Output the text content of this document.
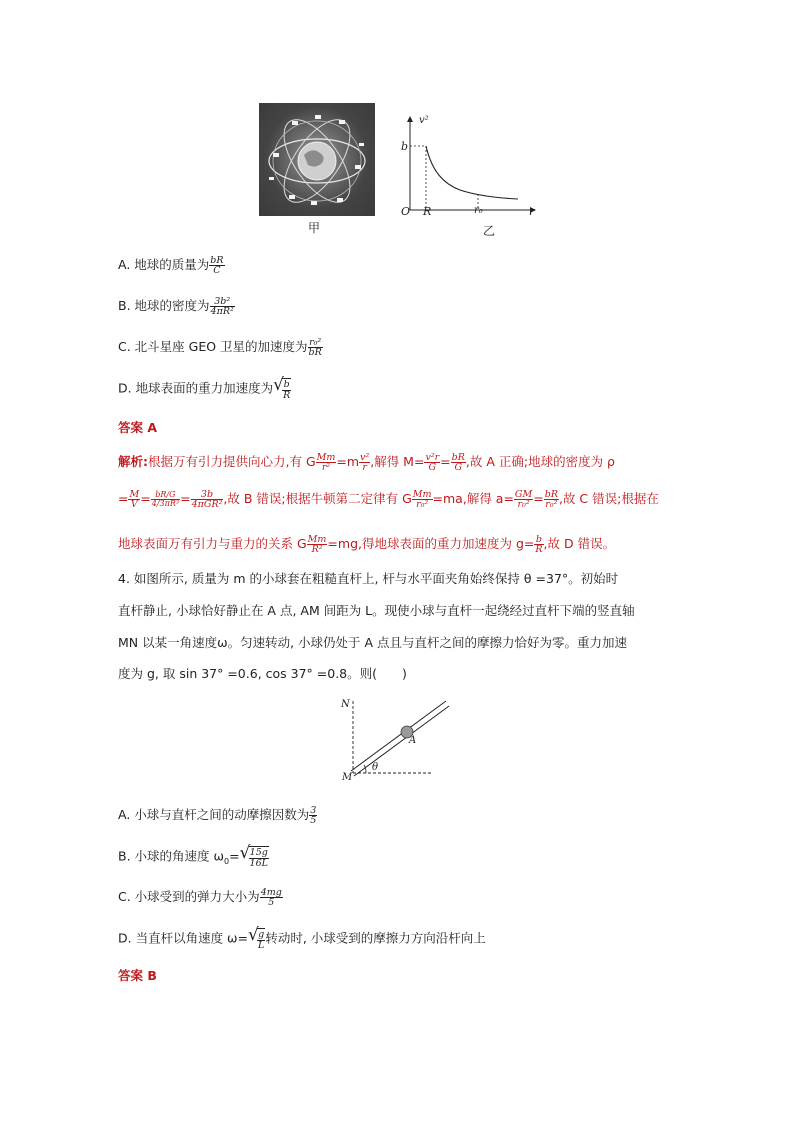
甲
v²
b
O R	r₀	r
乙
A. 地球的质量为 $\frac{bR}{C}$
B. 地球的密度为 $\frac{\text{3b²}}{\text{4πR²}}$
C. 北斗星座 GEO 卫星的加速度为 $\frac{\text{r₀²}}{bR}$
D. 地球表面的重力加速度为 √ $\frac{b}{R}$
答案 A
解析:根据万有引力提供向心力,有 G $\frac{Mm}{\text{r²}} =m \frac{\text{v²}}{r}$ ,解得 $M= \frac{\text{v²r}}{G} = \frac{bR}{G}$ ,故 A 正确;地球的密度为 ρ
= $\frac{M}{V} = \frac{bR/G}{\text{4/3πR³}} = \frac{3b}{\text{4πGR²}}$ ,故 B 错误;根据牛顿第二定律有 G $\frac{Mm}{\text{r₀²}} =ma$,解得 $a= \frac{GM}{\text{r₀²}} = \frac{bR}{\text{r₀²}}$ ,故 C 错误;根据在
地球表面万有引力与重力的关系 G $\frac{Mm}{\text{R²}} =mg$,得地球表面的重力加速度为 $g= \frac{b}{R}$ ,故 D 错误。
4. 如图所示, 质量为 m 的小球套在粗糙直杆上, 杆与水平面夹角始终保持 θ =37°。初始时
直杆静止, 小球恰好静止在 A 点, AM 间距为 L。现使小球与直杆一起绕经过直杆下端的竖直轴
MN 以某一角速度ω。匀速转动, 小球仍处于 A 点且与直杆之间的摩擦力恰好为零。重力加速
度为 g, 取 sin 37° =0.6, cos 37° =0.8。则(　　)
N
A
θ
M
A. 小球与直杆之间的动摩擦因数为 $\frac{3}{5}$
B. 小球的角速度 $\omega_0=$ √ $\frac{15g}{16L}$
C. 小球受到的弹力大小为 $\frac{4mg}{5}$
D. 当直杆以角速度 ω= √ $\frac{g}{L}$ 转动时, 小球受到的摩擦力方向沿杆向上
答案 B
